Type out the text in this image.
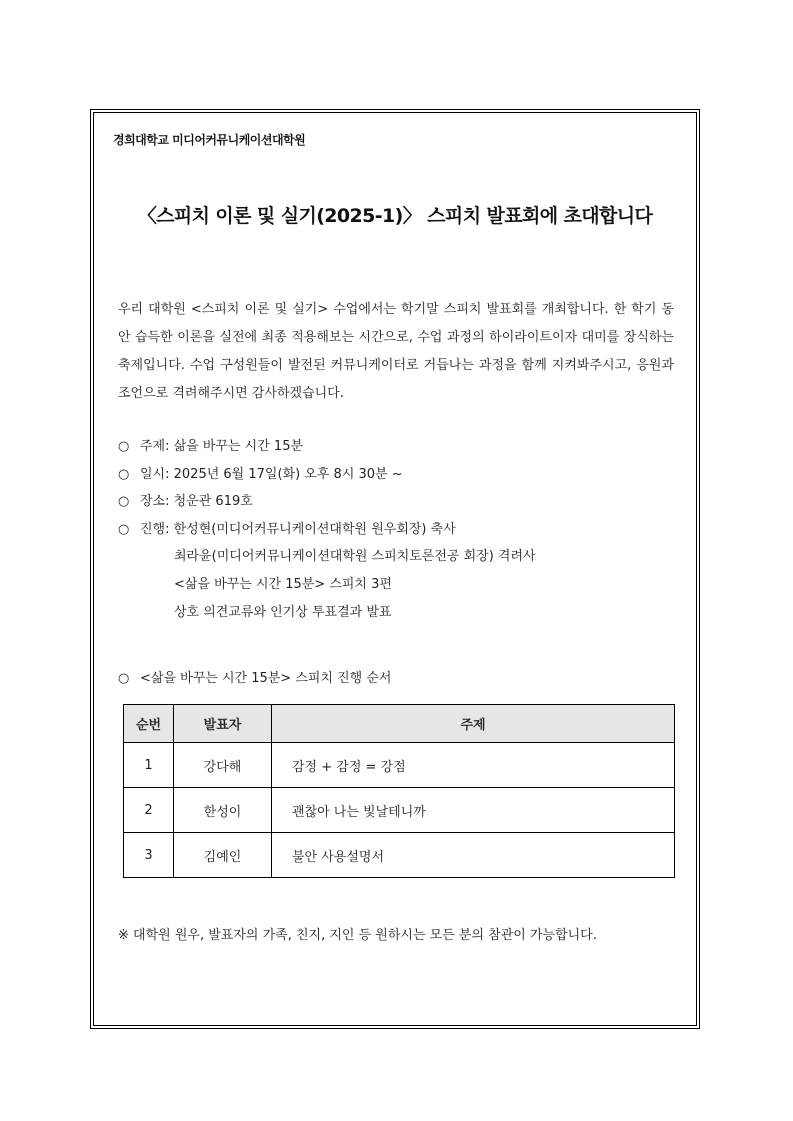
경희대학교 미디어커뮤니케이션대학원
〈스피치 이론 및 실기(2025-1)〉 스피치 발표회에 초대합니다

우리 대학원 <스피치 이론 및 실기> 수업에서는 학기말 스피치 발표회를 개최합니다. 한 학기 동안 습득한 이론을 실전에 최종 적용해보는 시간으로, 수업 과정의 하이라이트이자 대미를 장식하는 축제입니다. 수업 구성원들이 발전된 커뮤니케이터로 거듭나는 과정을 함께 지켜봐주시고, 응원과 조언으로 격려해주시면 감사하겠습니다.

○ 주제: 삶을 바꾸는 시간 15분
○ 일시: 2025년 6월 17일(화) 오후 8시 30분 ~
○ 장소: 청운관 619호
○ 진행: 한성현(미디어커뮤니케이션대학원 원우회장) 축사
최라윤(미디어커뮤니케이션대학원 스피치토론전공 회장) 격려사
<삶을 바꾸는 시간 15분> 스피치 3편
상호 의견교류와 인기상 투표결과 발표
○ <삶을 바꾸는 시간 15분> 스피치 진행 순서
순번	발표자	주제
1	강다해	감정 + 감정 = 강점
2	한성이	괜찮아 나는 빛날테니까
3	김예인	불안 사용설명서
※ 대학원 원우, 발표자의 가족, 친지, 지인 등 원하시는 모든 분의 참관이 가능합니다.
